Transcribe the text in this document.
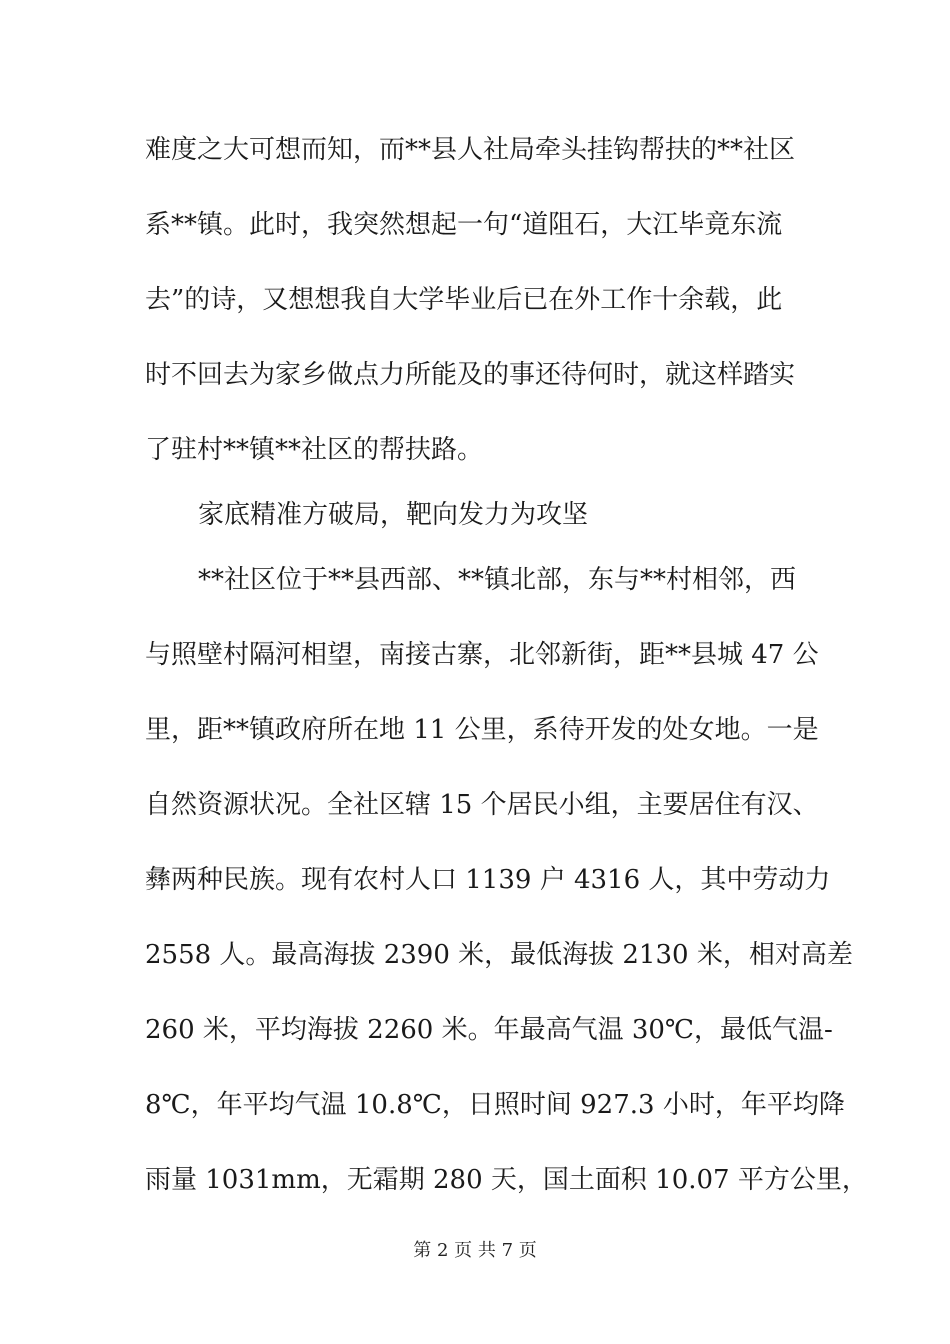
难度之大可想而知，而**县人社局牵头挂钩帮扶的**社区
系**镇。此时，我突然想起一句“道阻石，大江毕竟东流
去”的诗，又想想我自大学毕业后已在外工作十余载，此
时不回去为家乡做点力所能及的事还待何时，就这样踏实
了驻村**镇**社区的帮扶路。
家底精准方破局，靶向发力为攻坚
**社区位于**县西部、**镇北部，东与**村相邻，西
与照壁村隔河相望，南接古寨，北邻新街，距**县城 47 公
里，距**镇政府所在地 11 公里，系待开发的处女地。一是
自然资源状况。全社区辖 15 个居民小组，主要居住有汉、
彝两种民族。现有农村人口 1139 户 4316 人，其中劳动力
2558 人。最高海拔 2390 米，最低海拔 2130 米，相对高差
260 米，平均海拔 2260 米。年最高气温 30℃，最低气温-
8℃，年平均气温 10.8℃，日照时间 927.3 小时，年平均降
雨量 1031mm，无霜期 280 天，国土面积 10.07 平方公里，
第 2 页 共 7 页
